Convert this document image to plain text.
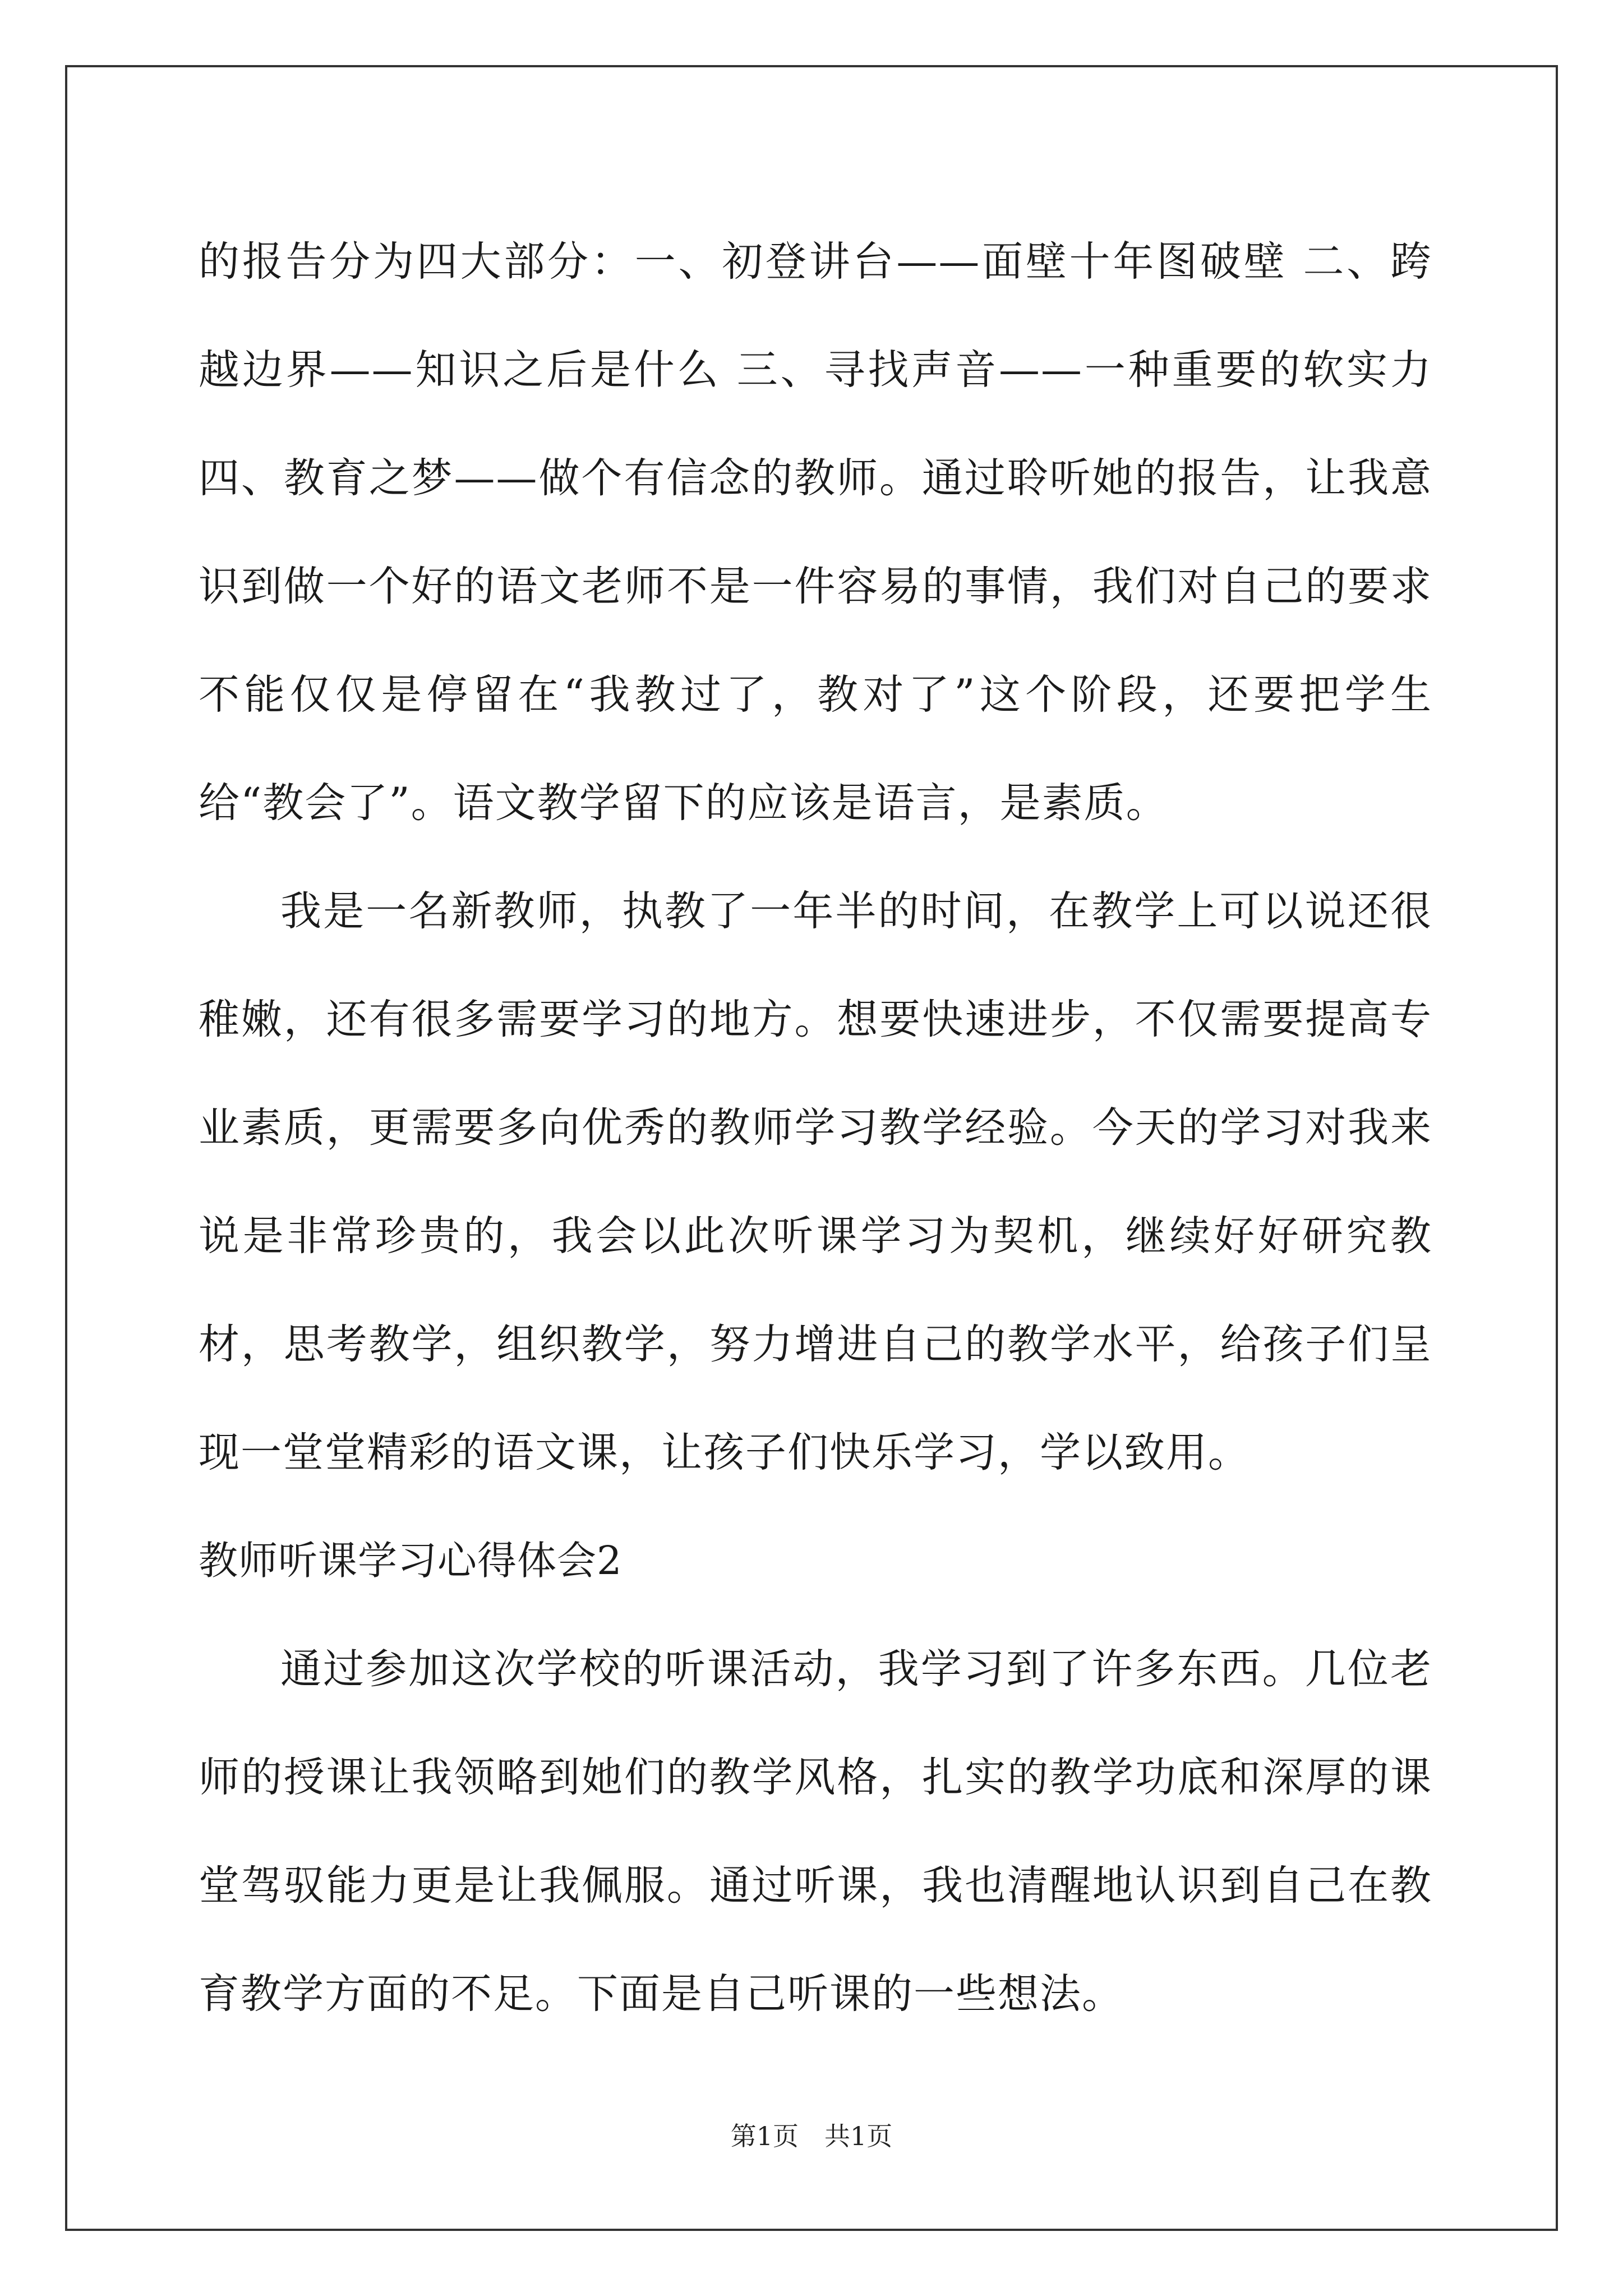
的报告分为四大部分：一、初登讲台——面壁十年图破壁 二、跨越边界——知识之后是什么 三、寻找声音——一种重要的软实力 四、教育之梦——做个有信念的教师。通过聆听她的报告，让我意识到做一个好的语文老师不是一件容易的事情，我们对自己的要求不能仅仅是停留在“我教过了，教对了”这个阶段，还要把学生给“教会了”。语文教学留下的应该是语言，是素质。

我是一名新教师，执教了一年半的时间，在教学上可以说还很稚嫩，还有很多需要学习的地方。想要快速进步，不仅需要提高专业素质，更需要多向优秀的教师学习教学经验。今天的学习对我来说是非常珍贵的，我会以此次听课学习为契机，继续好好研究教材，思考教学，组织教学，努力增进自己的教学水平，给孩子们呈现一堂堂精彩的语文课，让孩子们快乐学习，学以致用。

教师听课学习心得体会2

通过参加这次学校的听课活动，我学习到了许多东西。几位老师的授课让我领略到她们的教学风格，扎实的教学功底和深厚的课堂驾驭能力更是让我佩服。通过听课，我也清醒地认识到自己在教育教学方面的不足。下面是自己听课的一些想法。

第1页 共1页
